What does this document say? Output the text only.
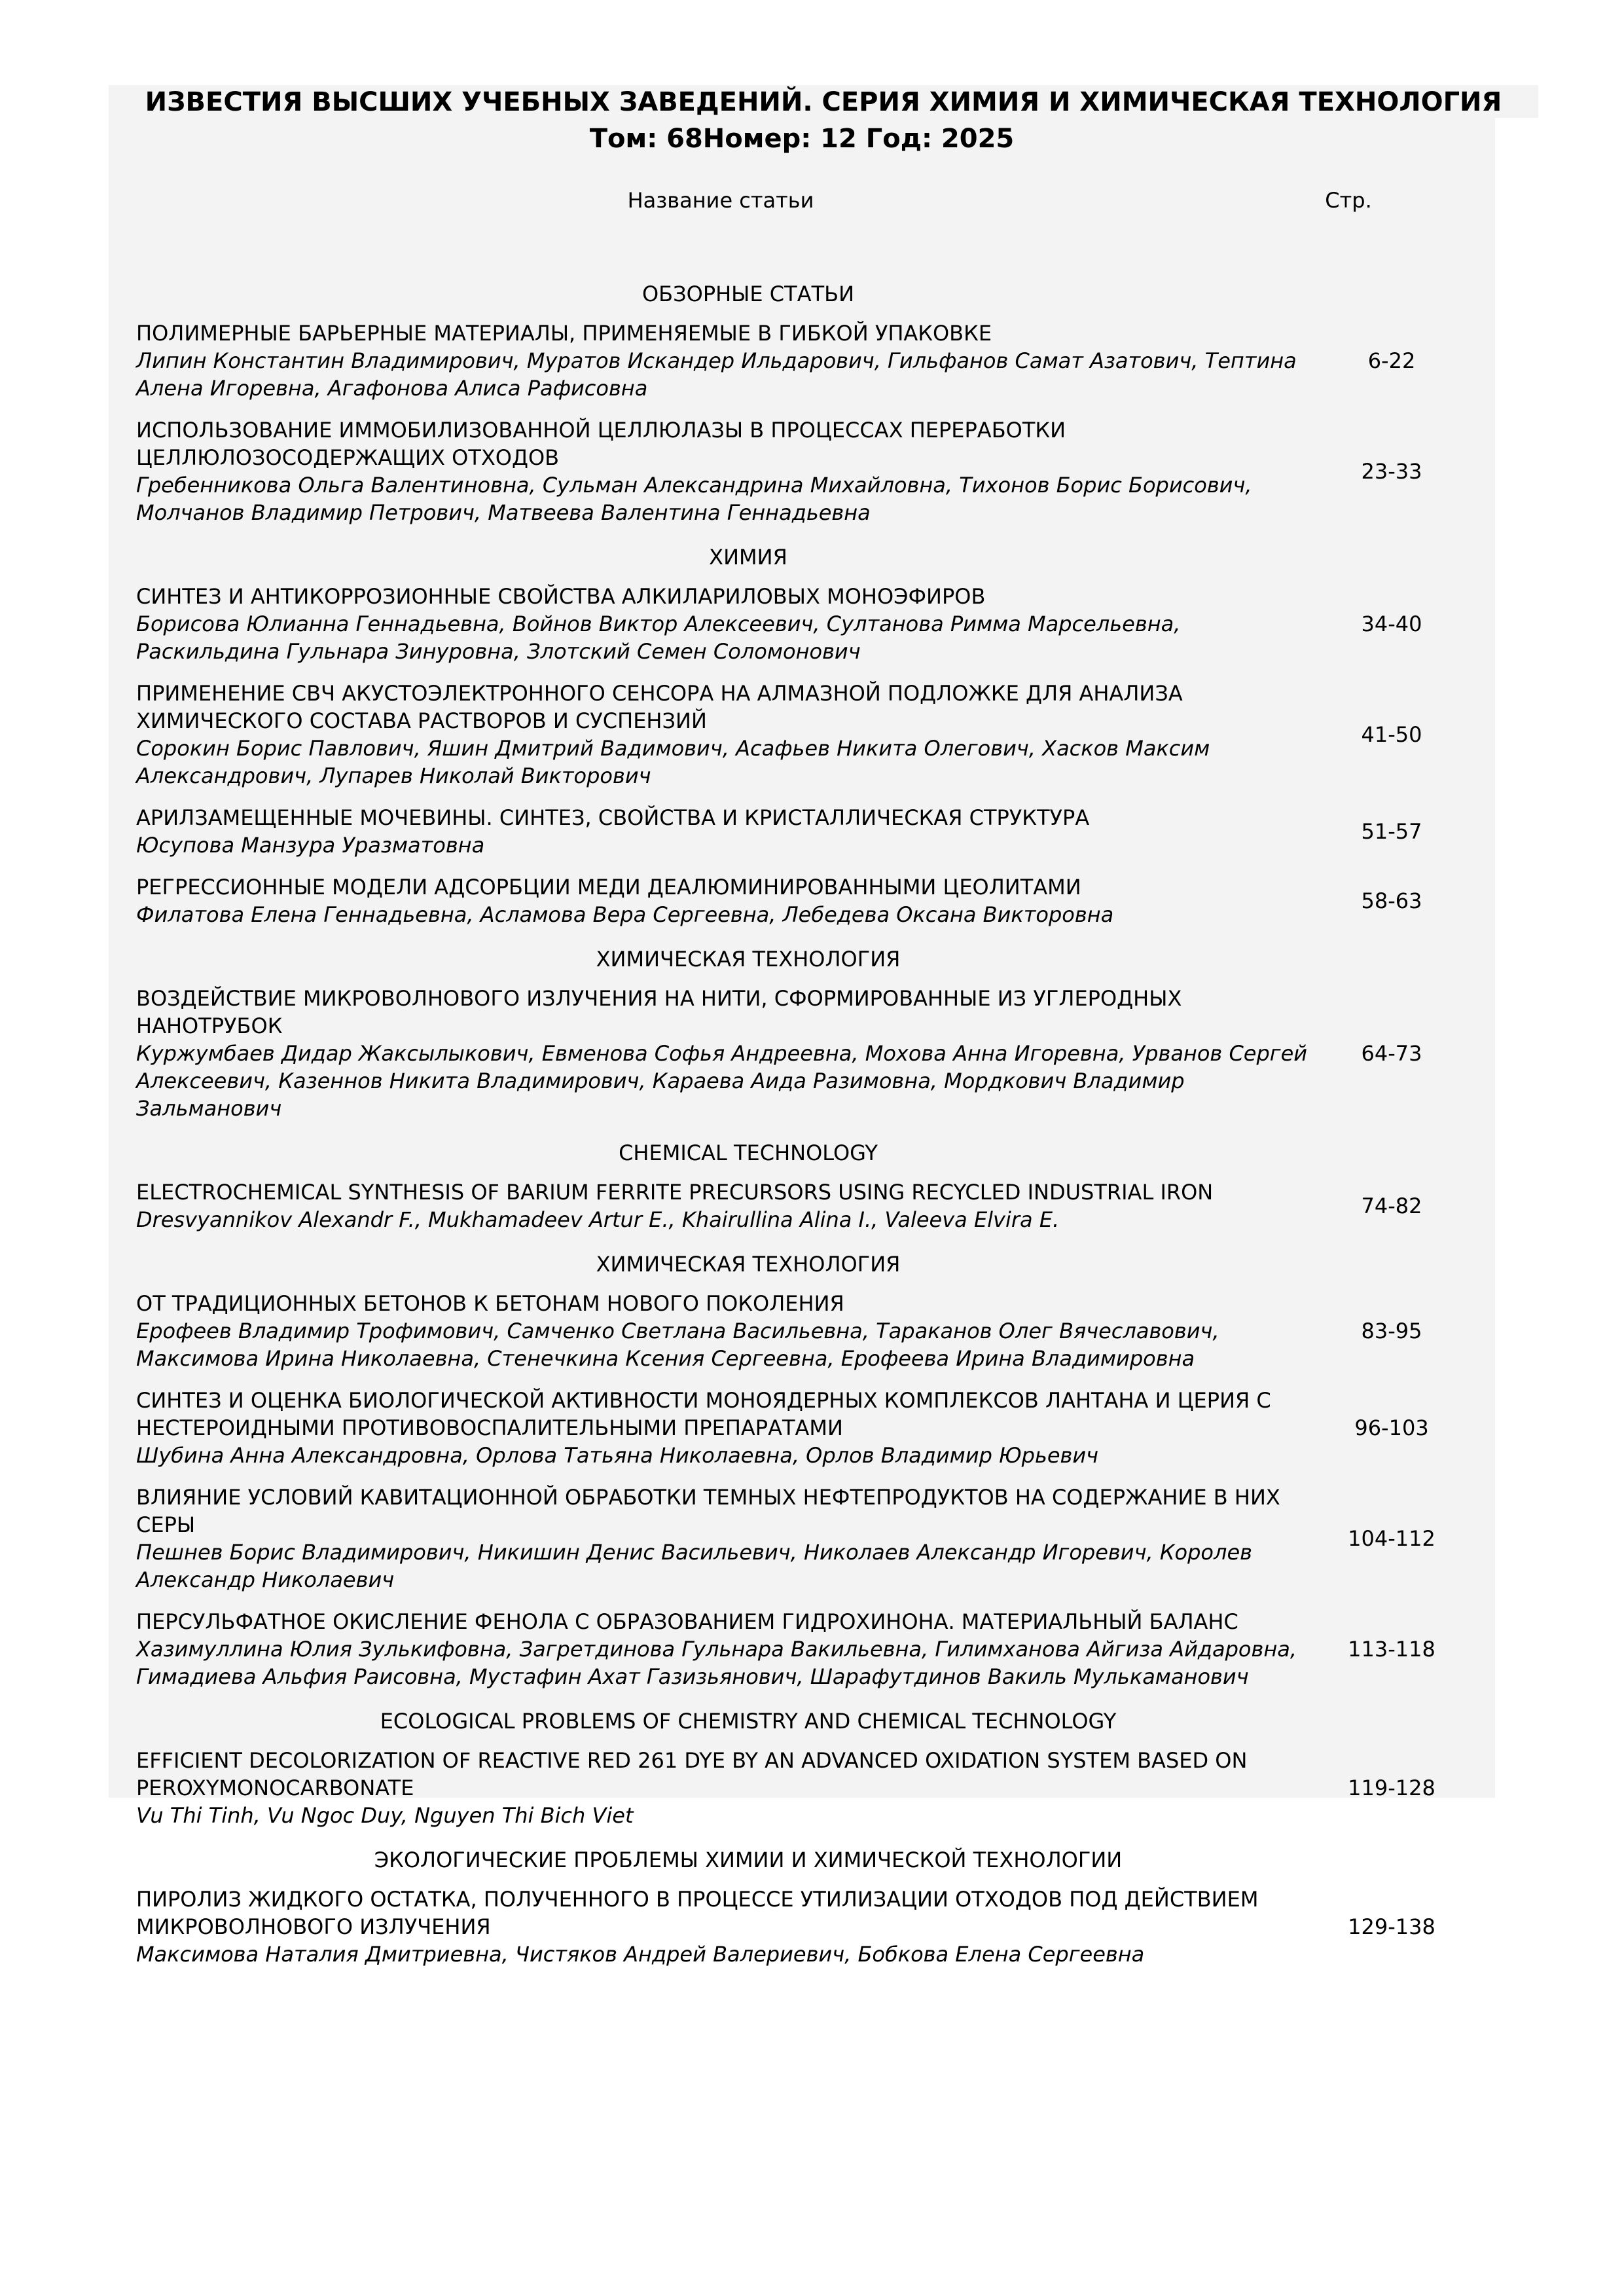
ИЗВЕСТИЯ ВЫСШИХ УЧЕБНЫХ ЗАВЕДЕНИЙ. СЕРИЯ ХИМИЯ И ХИМИЧЕСКАЯ ТЕХНОЛОГИЯ
Том: 68Номер: 12 Год: 2025
Название статьи	Стр.
ОБЗОРНЫЕ СТАТЬИ
ПОЛИМЕРНЫЕ БАРЬЕРНЫЕ МАТЕРИАЛЫ, ПРИМЕНЯЕМЫЕ В ГИБКОЙ УПАКОВКЕ
Липин Константин Владимирович, Муратов Искандер Ильдарович, Гильфанов Самат Азатович, Тептина Алена Игоревна, Агафонова Алиса Рафисовна
6-22
ИСПОЛЬЗОВАНИЕ ИММОБИЛИЗОВАННОЙ ЦЕЛЛЮЛАЗЫ В ПРОЦЕССАХ ПЕРЕРАБОТКИ ЦЕЛЛЮЛОЗОСОДЕРЖАЩИХ ОТХОДОВ
Гребенникова Ольга Валентиновна, Сульман Александрина Михайловна, Тихонов Борис Борисович, Молчанов Владимир Петрович, Матвеева Валентина Геннадьевна
23-33
ХИМИЯ
СИНТЕЗ И АНТИКОРРОЗИОННЫЕ СВОЙСТВА АЛКИЛАРИЛОВЫХ МОНОЭФИРОВ
Борисова Юлианна Геннадьевна, Войнов Виктор Алексеевич, Султанова Римма Марсельевна, Раскильдина Гульнара Зинуровна, Злотский Семен Соломонович
34-40
ПРИМЕНЕНИЕ СВЧ АКУСТОЭЛЕКТРОННОГО СЕНСОРА НА АЛМАЗНОЙ ПОДЛОЖКЕ ДЛЯ АНАЛИЗА ХИМИЧЕСКОГО СОСТАВА РАСТВОРОВ И СУСПЕНЗИЙ
Сорокин Борис Павлович, Яшин Дмитрий Вадимович, Асафьев Никита Олегович, Хасков Максим Александрович, Лупарев Николай Викторович
41-50
АРИЛЗАМЕЩЕННЫЕ МОЧЕВИНЫ. СИНТЕЗ, СВОЙСТВА И КРИСТАЛЛИЧЕСКАЯ СТРУКТУРА
Юсупова Манзура Уразматовна
51-57
РЕГРЕССИОННЫЕ МОДЕЛИ АДСОРБЦИИ МЕДИ ДЕАЛЮМИНИРОВАННЫМИ ЦЕОЛИТАМИ
Филатова Елена Геннадьевна, Асламова Вера Сергеевна, Лебедева Оксана Викторовна
58-63
ХИМИЧЕСКАЯ ТЕХНОЛОГИЯ
ВОЗДЕЙСТВИЕ МИКРОВОЛНОВОГО ИЗЛУЧЕНИЯ НА НИТИ, СФОРМИРОВАННЫЕ ИЗ УГЛЕРОДНЫХ НАНОТРУБОК
Куржумбаев Дидар Жаксылыкович, Евменова Софья Андреевна, Мохова Анна Игоревна, Урванов Сергей Алексеевич, Казеннов Никита Владимирович, Караева Аида Разимовна, Мордкович Владимир Зальманович
64-73
CHEMICAL TECHNOLOGY
ELECTROCHEMICAL SYNTHESIS OF BARIUM FERRITE PRECURSORS USING RECYCLED INDUSTRIAL IRON
Dresvyannikov Alexandr F., Mukhamadeev Artur E., Khairullina Alina I., Valeeva Elvira E.
74-82
ХИМИЧЕСКАЯ ТЕХНОЛОГИЯ
ОТ ТРАДИЦИОННЫХ БЕТОНОВ К БЕТОНАМ НОВОГО ПОКОЛЕНИЯ
Ерофеев Владимир Трофимович, Самченко Светлана Васильевна, Тараканов Олег Вячеславович, Максимова Ирина Николаевна, Стенечкина Ксения Сергеевна, Ерофеева Ирина Владимировна
83-95
СИНТЕЗ И ОЦЕНКА БИОЛОГИЧЕСКОЙ АКТИВНОСТИ МОНОЯДЕРНЫХ КОМПЛЕКСОВ ЛАНТАНА И ЦЕРИЯ С НЕСТЕРОИДНЫМИ ПРОТИВОВОСПАЛИТЕЛЬНЫМИ ПРЕПАРАТАМИ
Шубина Анна Александровна, Орлова Татьяна Николаевна, Орлов Владимир Юрьевич
96-103
ВЛИЯНИЕ УСЛОВИЙ КАВИТАЦИОННОЙ ОБРАБОТКИ ТЕМНЫХ НЕФТЕПРОДУКТОВ НА СОДЕРЖАНИЕ В НИХ СЕРЫ
Пешнев Борис Владимирович, Никишин Денис Васильевич, Николаев Александр Игоревич, Королев Александр Николаевич
104-112
ПЕРСУЛЬФАТНОЕ ОКИСЛЕНИЕ ФЕНОЛА С ОБРАЗОВАНИЕМ ГИДРОХИНОНА. МАТЕРИАЛЬНЫЙ БАЛАНС
Хазимуллина Юлия Зулькифовна, Загретдинова Гульнара Вакильевна, Гилимханова Айгиза Айдаровна, Гимадиева Альфия Раисовна, Мустафин Ахат Газизьянович, Шарафутдинов Вакиль Мулькаманович
113-118
ECOLOGICAL PROBLEMS OF CHEMISTRY AND CHEMICAL TECHNOLOGY
EFFICIENT DECOLORIZATION OF REACTIVE RED 261 DYE BY AN ADVANCED OXIDATION SYSTEM BASED ON PEROXYMONOCARBONATE
Vu Thi Tinh, Vu Ngoc Duy, Nguyen Thi Bich Viet
119-128
ЭКОЛОГИЧЕСКИЕ ПРОБЛЕМЫ ХИМИИ И ХИМИЧЕСКОЙ ТЕХНОЛОГИИ
ПИРОЛИЗ ЖИДКОГО ОСТАТКА, ПОЛУЧЕННОГО В ПРОЦЕССЕ УТИЛИЗАЦИИ ОТХОДОВ ПОД ДЕЙСТВИЕМ МИКРОВОЛНОВОГО ИЗЛУЧЕНИЯ
Максимова Наталия Дмитриевна, Чистяков Андрей Валериевич, Бобкова Елена Сергеевна
129-138
